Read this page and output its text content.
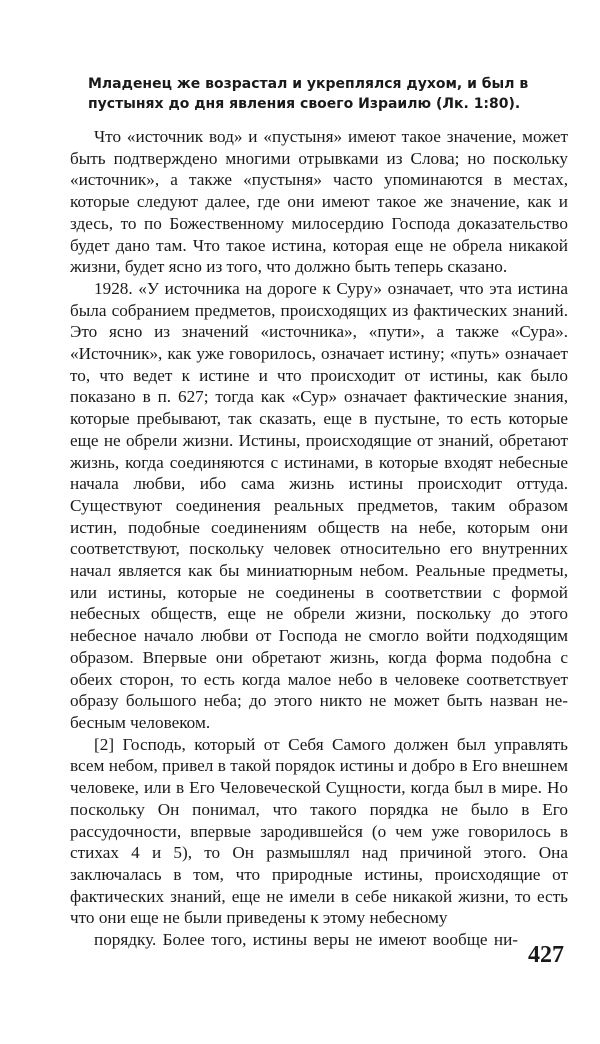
Младенец же возрастал и укреплялся духом, и был в пустынях до дня явления своего Израилю (Лк. 1:80).

Что «источник вод» и «пустыня» имеют такое значение, может быть подтверждено многими отрывками из Слова; но поскольку «источник», а также «пустыня» часто упоминаются в местах, которые следуют далее, где они имеют такое же значение, как и здесь, то по Божественному милосердию Господа доказательство будет дано там. Что такое истина, которая еще не обрела никакой жизни, будет ясно из того, что должно быть теперь сказано.

1928. «У источника на дороге к Суру» означает, что эта истина была собранием предметов, происходящих из фактических знаний. Это ясно из значений «источника», «пути», а также «Сура». «Источник», как уже говорилось, означает истину; «путь» означает то, что ведет к истине и что происходит от истины, как было показано в п. 627; тогда как «Сур» означает фактические знания, которые пребывают, так сказать, еще в пустыне, то есть которые еще не обрели жизни. Истины, происходящие от знаний, обретают жизнь, когда соединяются с истинами, в которые входят небесные начала любви, ибо сама жизнь истины происходит оттуда. Существуют соединения реальных предметов, таким образом истин, подобные соединениям обществ на небе, которым они соответствуют, поскольку человек относительно его внутренних начал является как бы миниатюрным небом. Реальные предметы, или истины, которые не соединены в соответствии с формой небесных обществ, еще не обрели жизни, поскольку до этого небесное начало любви от Господа не смогло войти подходящим образом. Впервые они обретают жизнь, когда форма подобна с обеих сторон, то есть когда малое небо в человеке соответствует образу большого неба; до этого никто не может быть назван небесным человеком.

[2] Господь, который от Себя Самого должен был управлять всем небом, привел в такой порядок истины и добро в Его внешнем человеке, или в Его Человеческой Сущности, когда был в мире. Но поскольку Он понимал, что такого порядка не было в Его рассудочности, впервые зародившейся (о чем уже говорилось в стихах 4 и 5), то Он размышлял над причиной этого. Она заключалась в том, что природные истины, происходящие от фактических знаний, еще не имели в себе никакой жизни, то есть что они еще не были приведены к этому небесному

порядку. Более того, истины веры не имеют вообще ни-

427
